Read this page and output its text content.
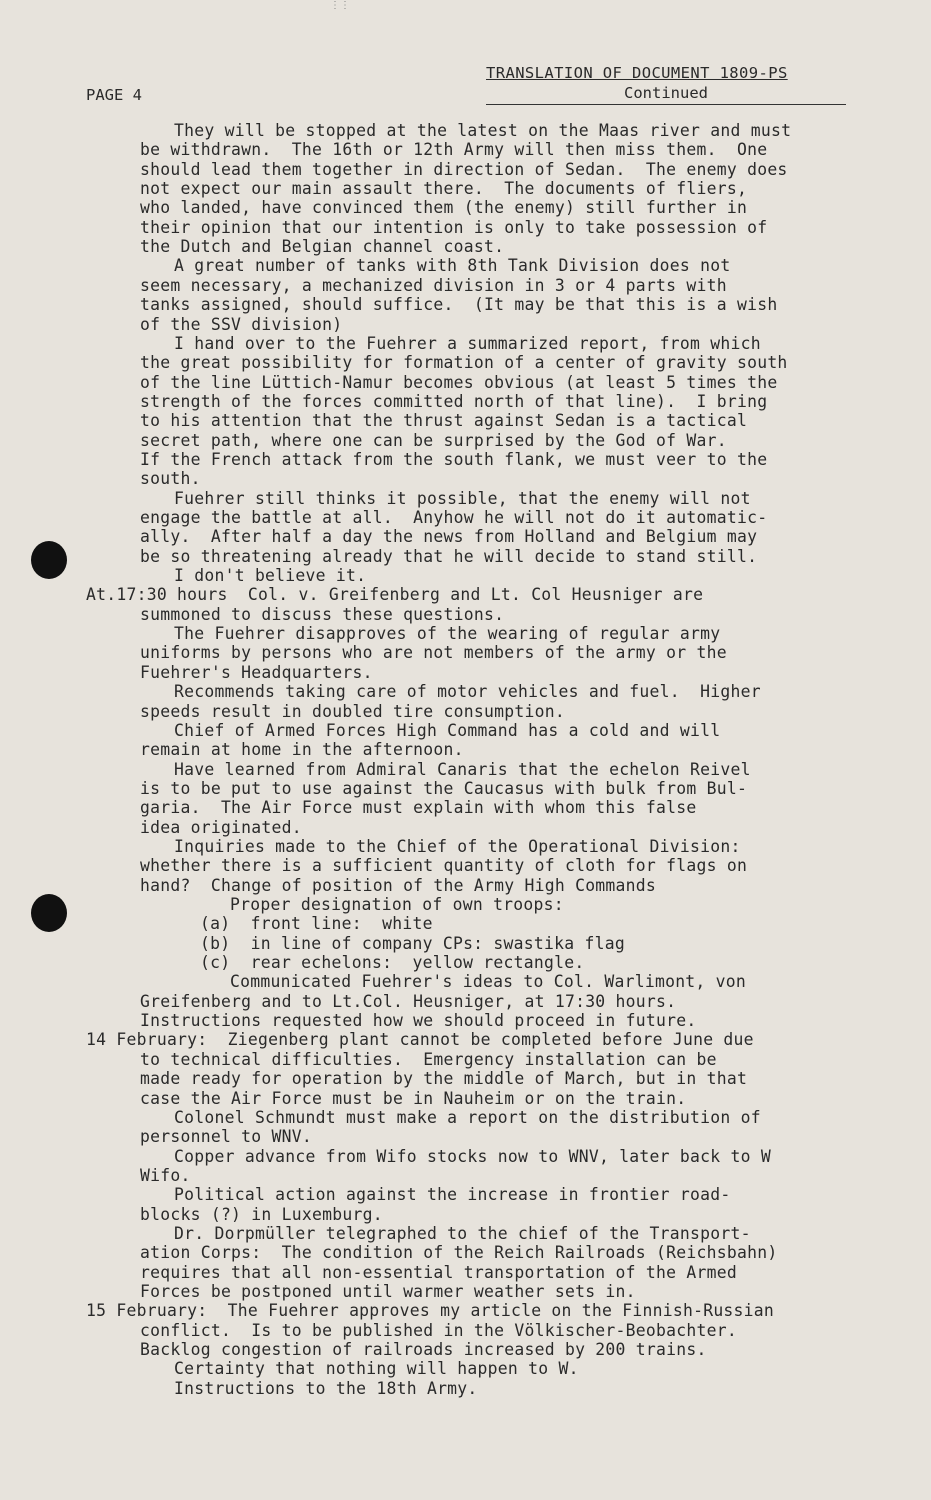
⋮⋮
PAGE 4
TRANSLATION OF DOCUMENT 1809-PS
Continued
They will be stopped at the latest on the Maas river and must
be withdrawn.  The 16th or 12th Army will then miss them.  One
should lead them together in direction of Sedan.  The enemy does
not expect our main assault there.  The documents of fliers,
who landed, have convinced them (the enemy) still further in
their opinion that our intention is only to take possession of
the Dutch and Belgian channel coast.
A great number of tanks with 8th Tank Division does not
seem necessary, a mechanized division in 3 or 4 parts with
tanks assigned, should suffice.  (It may be that this is a wish
of the SSV division)
I hand over to the Fuehrer a summarized report, from which
the great possibility for formation of a center of gravity south
of the line Lüttich-Namur becomes obvious (at least 5 times the
strength of the forces committed north of that line).  I bring
to his attention that the thrust against Sedan is a tactical
secret path, where one can be surprised by the God of War.
If the French attack from the south flank, we must veer to the
south.
Fuehrer still thinks it possible, that the enemy will not
engage the battle at all.  Anyhow he will not do it automatic-
ally.  After half a day the news from Holland and Belgium may
be so threatening already that he will decide to stand still.
I don't believe it.
At.17:30 hours  Col. v. Greifenberg and Lt. Col Heusniger are
summoned to discuss these questions.
The Fuehrer disapproves of the wearing of regular army
uniforms by persons who are not members of the army or the
Fuehrer's Headquarters.
Recommends taking care of motor vehicles and fuel.  Higher
speeds result in doubled tire consumption.
Chief of Armed Forces High Command has a cold and will
remain at home in the afternoon.
Have learned from Admiral Canaris that the echelon Reivel
is to be put to use against the Caucasus with bulk from Bul-
garia.  The Air Force must explain with whom this false
idea originated.
Inquiries made to the Chief of the Operational Division:
whether there is a sufficient quantity of cloth for flags on
hand?  Change of position of the Army High Commands
Proper designation of own troops:
(a)  front line:  white
(b)  in line of company CPs: swastika flag
(c)  rear echelons:  yellow rectangle.
Communicated Fuehrer's ideas to Col. Warlimont, von
Greifenberg and to Lt.Col. Heusniger, at 17:30 hours.
Instructions requested how we should proceed in future.
14 February:  Ziegenberg plant cannot be completed before June due
to technical difficulties.  Emergency installation can be
made ready for operation by the middle of March, but in that
case the Air Force must be in Nauheim or on the train.
Colonel Schmundt must make a report on the distribution of
personnel to WNV.
Copper advance from Wifo stocks now to WNV, later back to W
Wifo.
Political action against the increase in frontier road-
blocks (?) in Luxemburg.
Dr. Dorpmüller telegraphed to the chief of the Transport-
ation Corps:  The condition of the Reich Railroads (Reichsbahn)
requires that all non-essential transportation of the Armed
Forces be postponed until warmer weather sets in.
15 February:  The Fuehrer approves my article on the Finnish-Russian
conflict.  Is to be published in the Völkischer-Beobachter.
Backlog congestion of railroads increased by 200 trains.
Certainty that nothing will happen to W.
Instructions to the 18th Army.
